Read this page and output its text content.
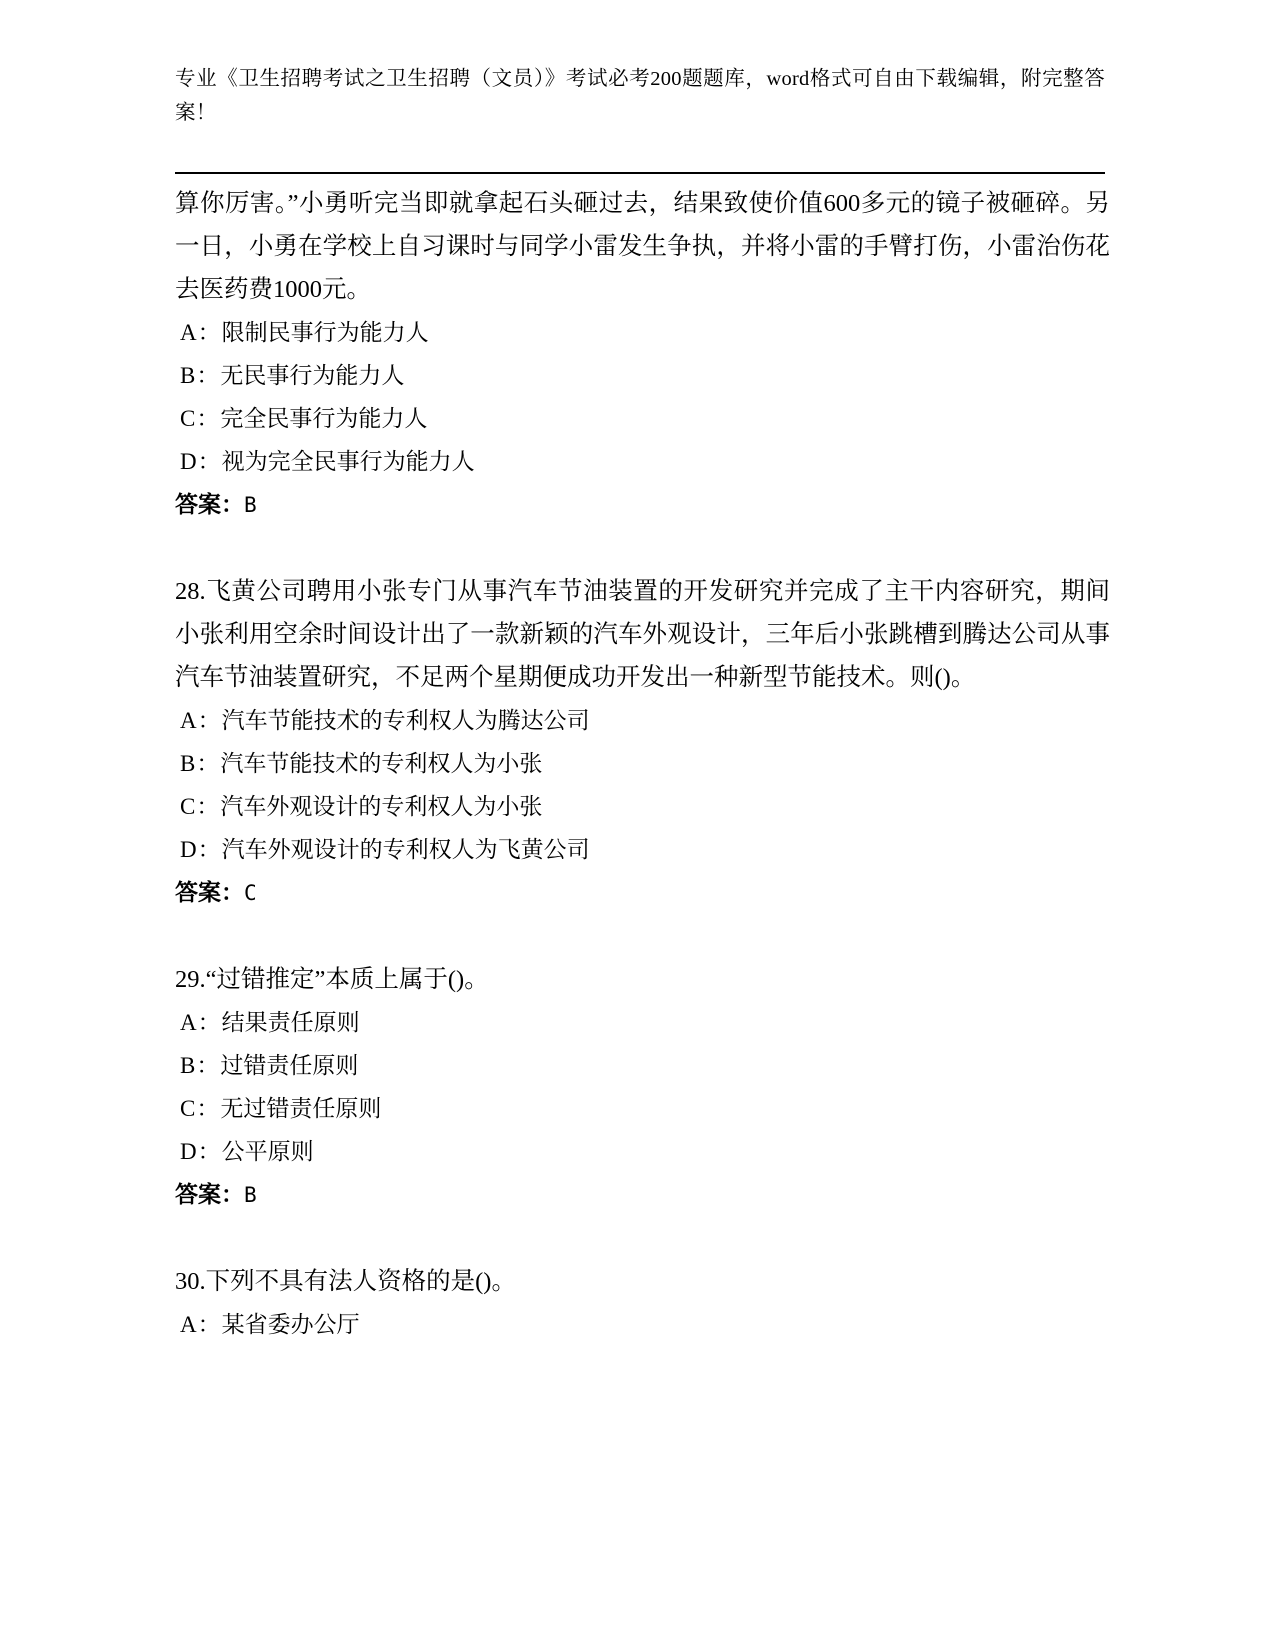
专业《卫生招聘考试之卫生招聘（文员）》考试必考200题题库，word格式可自由下载编辑，附完整答案！

算你厉害。”小勇听完当即就拿起石头砸过去，结果致使价值600多元的镜子被砸碎。另一日，小勇在学校上自习课时与同学小雷发生争执，并将小雷的手臂打伤，小雷治伤花去医药费1000元。

A：限制民事行为能力人

B：无民事行为能力人

C：完全民事行为能力人

D：视为完全民事行为能力人

答案：B

28.飞黄公司聘用小张专门从事汽车节油装置的开发研究并完成了主干内容研究，期间小张利用空余时间设计出了一款新颖的汽车外观设计，三年后小张跳槽到腾达公司从事汽车节油装置研究，不足两个星期便成功开发出一种新型节能技术。则()。

A：汽车节能技术的专利权人为腾达公司

B：汽车节能技术的专利权人为小张

C：汽车外观设计的专利权人为小张

D：汽车外观设计的专利权人为飞黄公司

答案：C

29.“过错推定”本质上属于()。

A：结果责任原则

B：过错责任原则

C：无过错责任原则

D：公平原则

答案：B

30.下列不具有法人资格的是()。

A：某省委办公厅
